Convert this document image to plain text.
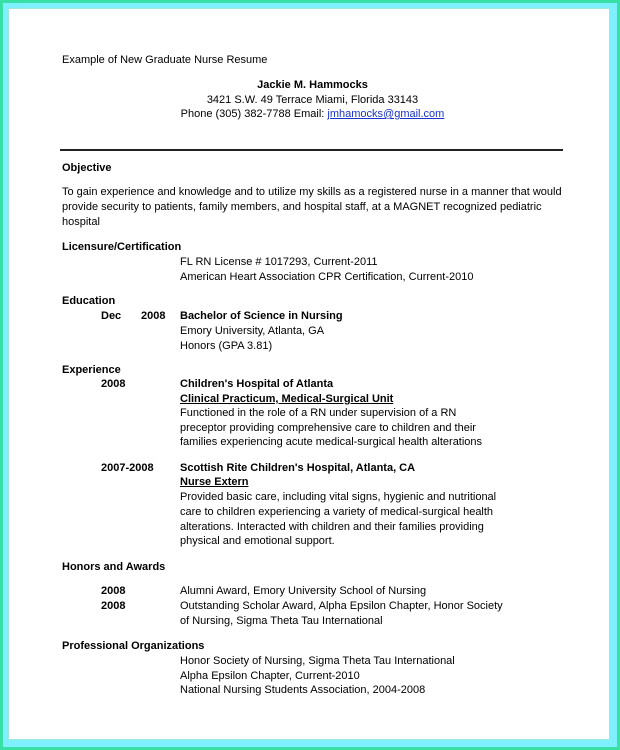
Example of New Graduate Nurse Resume
Jackie M. Hammocks
3421 S.W. 49 Terrace Miami, Florida 33143
Phone (305) 382-7788 Email: jmhamocks@gmail.com
Objective
To gain experience and knowledge and to utilize my skills as a registered nurse in a manner that would provide security to patients, family members, and hospital staff, at a MAGNET recognized pediatric hospital
Licensure/Certification
FL RN License # 1017293, Current-2011
American Heart Association CPR Certification, Current-2010
Education
Dec 2008 Bachelor of Science in Nursing
Emory University, Atlanta, GA
Honors (GPA 3.81)
Experience
2008	Children's Hospital of Atlanta
Clinical Practicum, Medical-Surgical Unit
Functioned in the role of a RN under supervision of a RN
preceptor providing comprehensive care to children and their
families experiencing acute medical-surgical health alterations
2007-2008 Scottish Rite Children's Hospital, Atlanta, CA
Nurse Extern
Provided basic care, including vital signs, hygienic and nutritional
care to children experiencing a variety of medical-surgical health
alterations. Interacted with children and their families providing
physical and emotional support.
Honors and Awards
2008	Alumni Award, Emory University School of Nursing
2008	Outstanding Scholar Award, Alpha Epsilon Chapter, Honor Society
of Nursing, Sigma Theta Tau International
Professional Organizations
Honor Society of Nursing, Sigma Theta Tau International
Alpha Epsilon Chapter, Current-2010
National Nursing Students Association, 2004-2008
